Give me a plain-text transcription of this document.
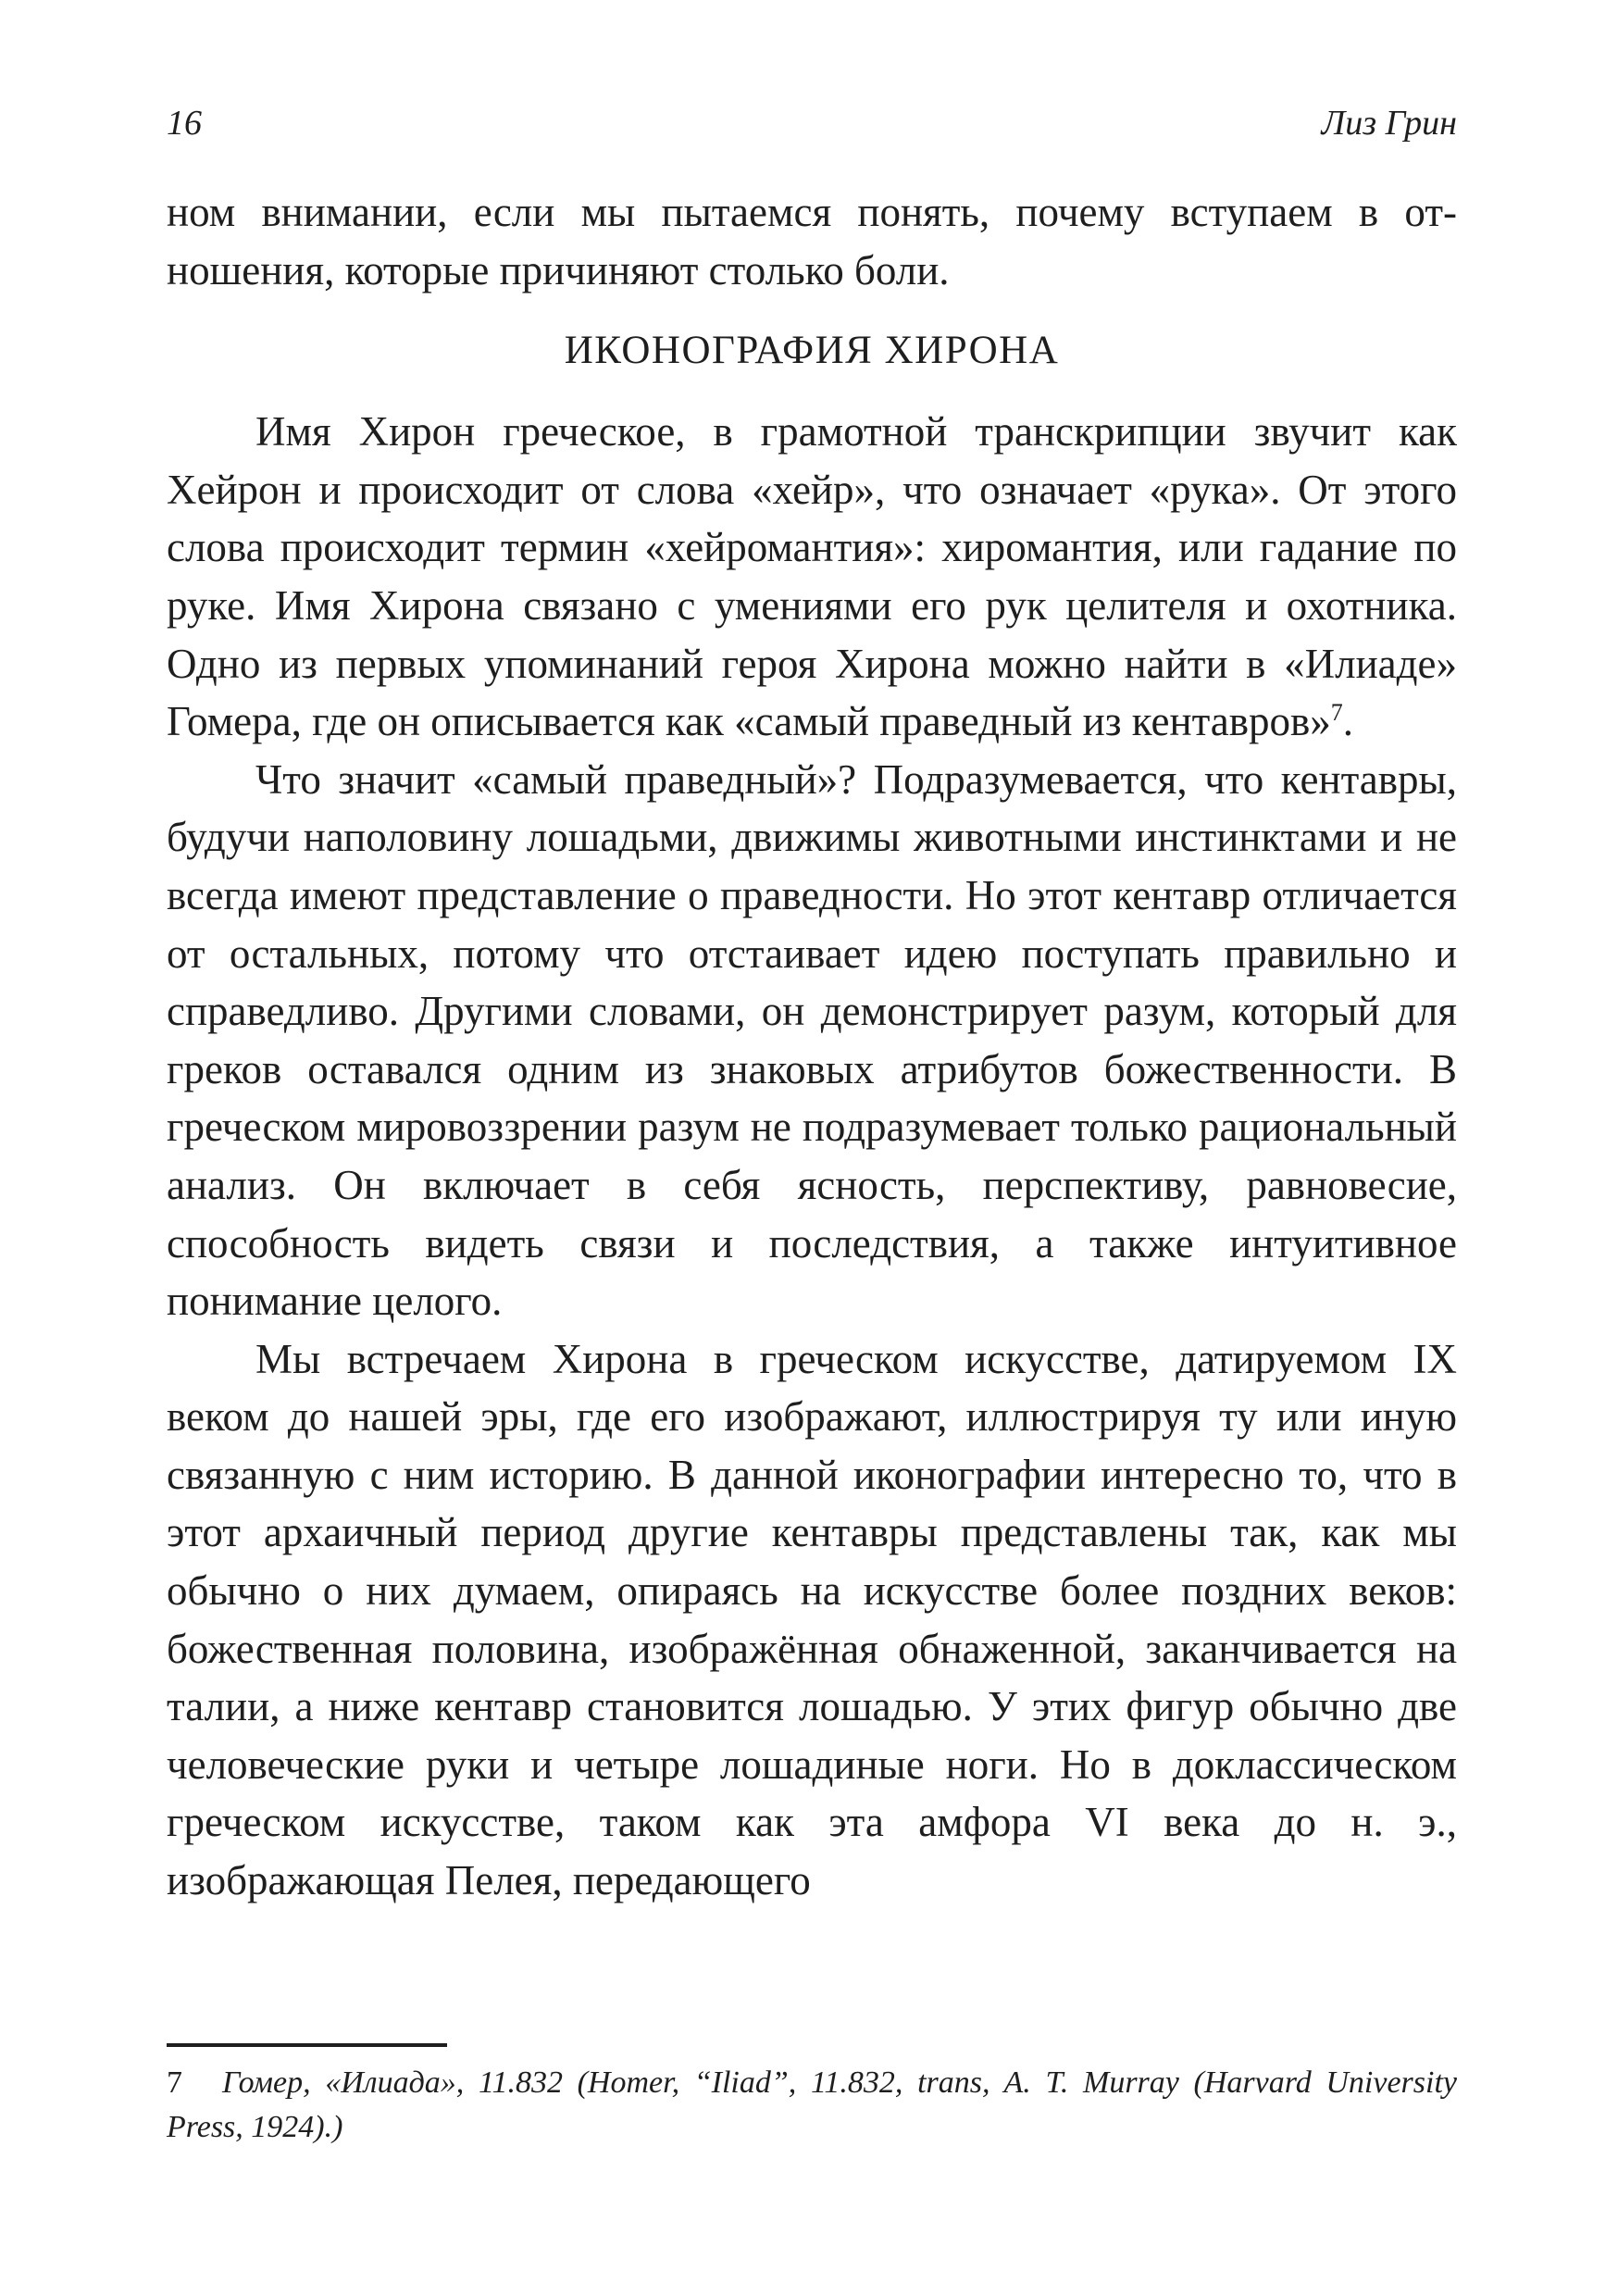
16	Лиз Грин

ном внимании, если мы пытаемся понять, почему вступаем в отношения, которые причиняют столько боли.

ИКОНОГРАФИЯ ХИРОНА

Имя Хирон греческое, в грамотной транскрипции звучит как Хейрон и происходит от слова «хейр», что означает «рука». От этого слова происходит термин «хейромантия»: хиромантия, или гадание по руке. Имя Хирона связано с умениями его рук целителя и охотника. Одно из первых упоминаний героя Хирона можно найти в «Илиаде» Гомера, где он описывается как «самый праведный из кентавров»$^7$.

Что значит «самый праведный»? Подразумевается, что кентавры, будучи наполовину лошадьми, движимы животными инстинктами и не всегда имеют представление о праведности. Но этот кентавр отличается от остальных, потому что отстаивает идею поступать правильно и справедливо. Другими словами, он демонстрирует разум, который для греков оставался одним из знаковых атрибутов божественности. В греческом мировоззрении разум не подразумевает только рациональный анализ. Он включает в себя ясность, перспективу, равновесие, способность видеть связи и последствия, а также интуитивное понимание целого.

Мы встречаем Хирона в греческом искусстве, датируемом IX веком до нашей эры, где его изображают, иллюстрируя ту или иную связанную с ним историю. В данной иконографии интересно то, что в этот архаичный период другие кентавры представлены так, как мы обычно о них думаем, опираясь на искусстве более поздних веков: божественная половина, изображённая обнаженной, заканчивается на талии, а ниже кентавр становится лошадью. У этих фигур обычно две человеческие руки и четыре лошадиные ноги. Но в доклассическом греческом искусстве, таком как эта амфора VI века до н. э., изображающая Пелея, передающего

7 Гомер, «Илиада», 11.832 (Homer, “Iliad”, 11.832, trans, A. T. Murray (Harvard University Press, 1924).)
